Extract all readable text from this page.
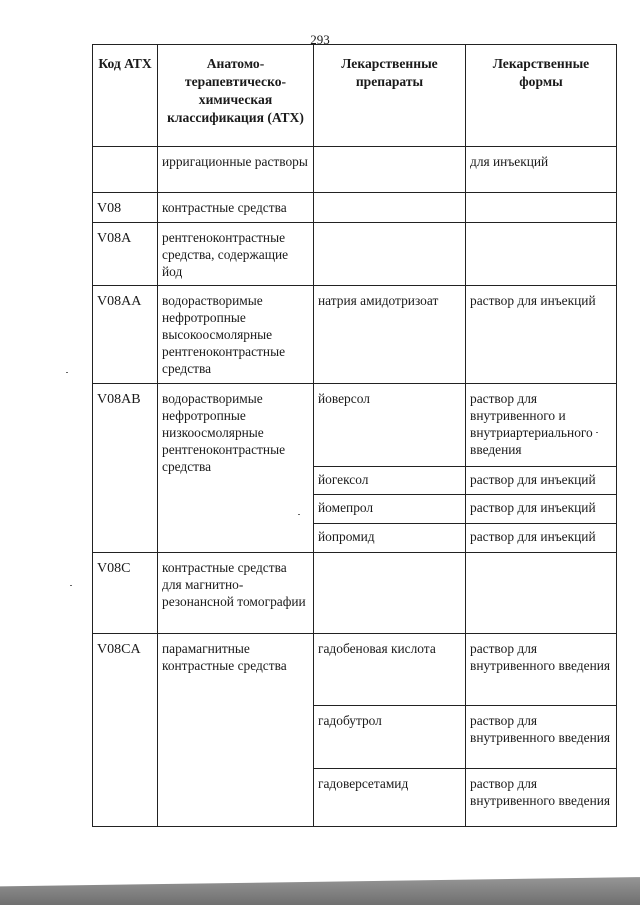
293
Код АТХ	Анатомо-терапевтическо-химическая классификация (АТХ)	Лекарственные препараты	Лекарственные формы
	ирригационные растворы		для инъекций
V08	контрастные средства		
V08A	рентгеноконтрастные средства, содержащие йод		
V08AA	водорастворимые нефротропные высокоосмолярные рентгеноконтрастные средства	натрия амидотризоат	раствор для инъекций
V08AB	водорастворимые нефротропные низкоосмолярные рентгеноконтрастные средства	йоверсол	раствор для внутривенного и внутриартериального введения
		йогексол	раствор для инъекций
		йомепрол	раствор для инъекций
		йопромид	раствор для инъекций
V08C	контрастные средства для магнитно-резонансной томографии		
V08CA	парамагнитные контрастные средства	гадобеновая кислота	раствор для внутривенного введения
		гадобутрол	раствор для внутривенного введения
		гадоверсетамид	раствор для внутривенного введения
